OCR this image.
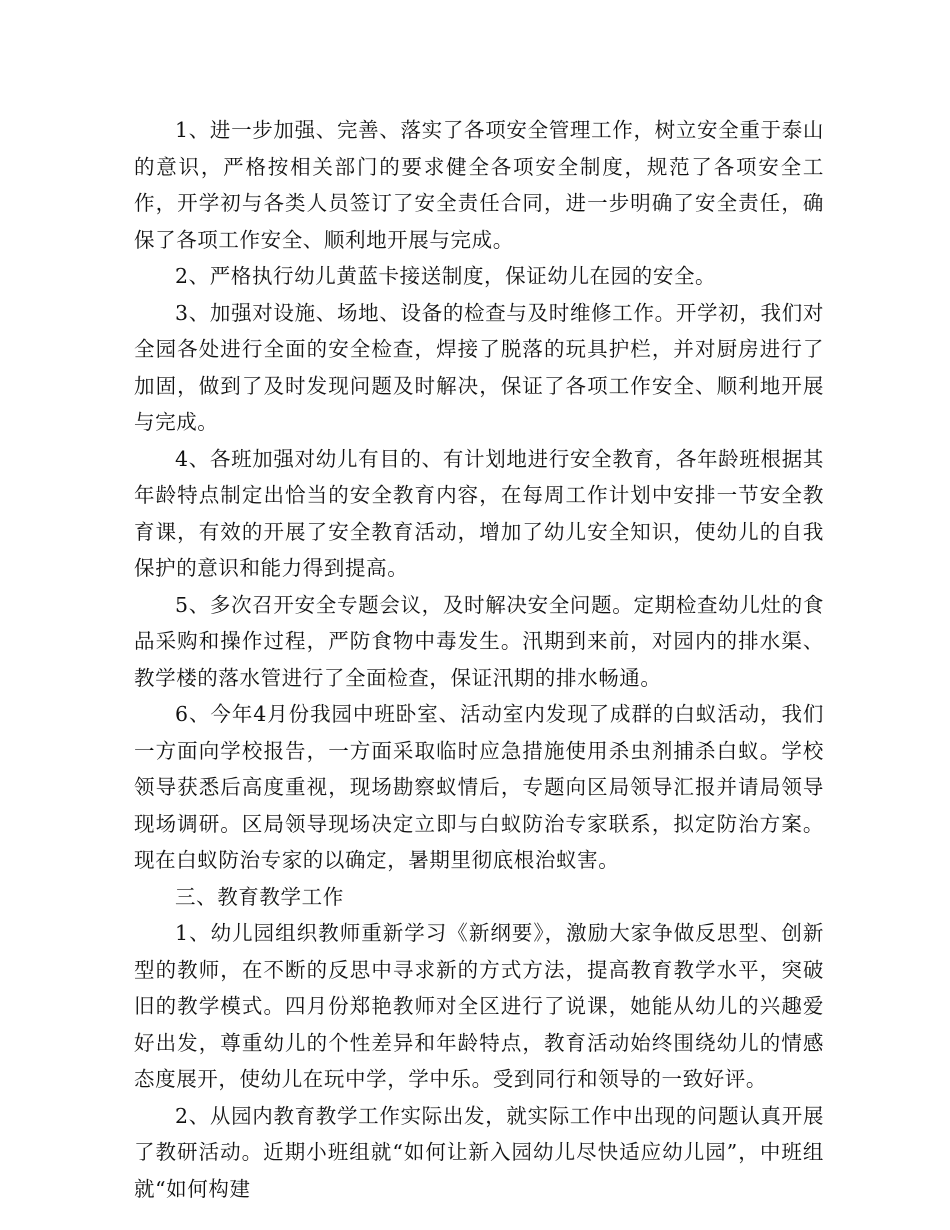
1、进一步加强、完善、落实了各项安全管理工作，树立安全重于泰山的意识，严格按相关部门的要求健全各项安全制度，规范了各项安全工作，开学初与各类人员签订了安全责任合同，进一步明确了安全责任，确保了各项工作安全、顺利地开展与完成。

2、严格执行幼儿黄蓝卡接送制度，保证幼儿在园的安全。

3、加强对设施、场地、设备的检查与及时维修工作。开学初，我们对全园各处进行全面的安全检查，焊接了脱落的玩具护栏，并对厨房进行了加固，做到了及时发现问题及时解决，保证了各项工作安全、顺利地开展与完成。

4、各班加强对幼儿有目的、有计划地进行安全教育，各年龄班根据其年龄特点制定出恰当的安全教育内容，在每周工作计划中安排一节安全教育课，有效的开展了安全教育活动，增加了幼儿安全知识，使幼儿的自我保护的意识和能力得到提高。

5、多次召开安全专题会议，及时解决安全问题。定期检查幼儿灶的食品采购和操作过程，严防食物中毒发生。汛期到来前，对园内的排水渠、教学楼的落水管进行了全面检查，保证汛期的排水畅通。

6、今年4月份我园中班卧室、活动室内发现了成群的白蚁活动，我们一方面向学校报告，一方面采取临时应急措施使用杀虫剂捕杀白蚁。学校领导获悉后高度重视，现场勘察蚁情后，专题向区局领导汇报并请局领导现场调研。区局领导现场决定立即与白蚁防治专家联系，拟定防治方案。现在白蚁防治专家的以确定，暑期里彻底根治蚁害。

三、教育教学工作

1、幼儿园组织教师重新学习《新纲要》，激励大家争做反思型、创新型的教师，在不断的反思中寻求新的方式方法，提高教育教学水平，突破旧的教学模式。四月份郑艳教师对全区进行了说课，她能从幼儿的兴趣爱好出发，尊重幼儿的个性差异和年龄特点，教育活动始终围绕幼儿的情感态度展开，使幼儿在玩中学，学中乐。受到同行和领导的一致好评。

2、从园内教育教学工作实际出发，就实际工作中出现的问题认真开展了教研活动。近期小班组就“如何让新入园幼儿尽快适应幼儿园”，中班组就“如何构建
